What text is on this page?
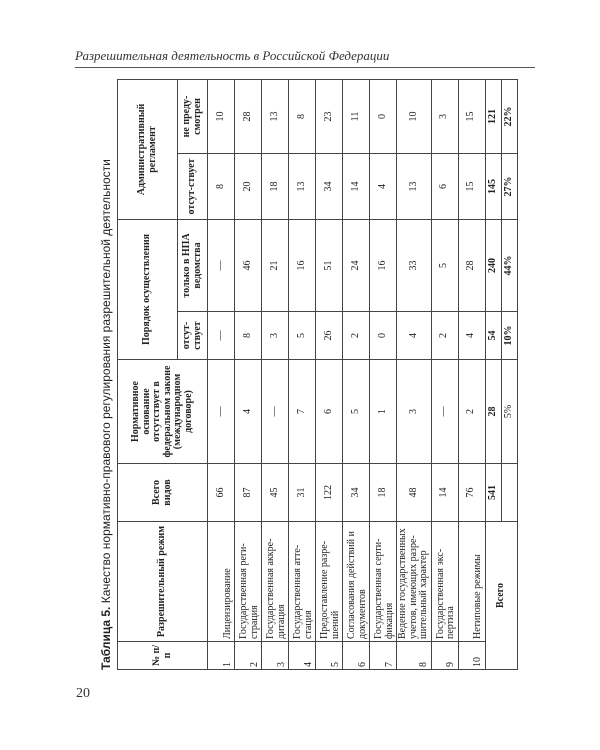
Разрешительная деятельность в Российской Федерации
20
Таблица 5. Качество нормативно-правового регулирования разрешительной деятельности
№ п/п	Разрешительный режим	Всего видов	Нормативное основание отсутствует в федеральном законе (международном договоре)	Порядок осуществления		Административный регламент	
				отсут-ствует	только в НПА ведомства	отсут-ствует	не преду-смотрен
1	Лицензирование	66	—	—	—	8	10
2	Государственная реги-страция	87	4	8	46	20	28
3	Государственная аккре-дитация	45	—	3	21	18	13
4	Государственная атте-стация	31	7	5	16	13	8
5	Предоставление разре-шений	122	6	26	51	34	23
6	Согласования действий и документов	34	5	2	24	14	11
7	Государственная серти-фикация	18	1	0	16	4	0
8	Ведение государственных учетов, имеющих разре-шительный характер	48	3	4	33	13	10
9	Государственная экс-пертиза	14	—	2	5	6	3
10	Нетиповые режимы	76	2	4	28	15	15
Всего		541	28	54	240	145	121
			5%	10%	44%	27%	22%
